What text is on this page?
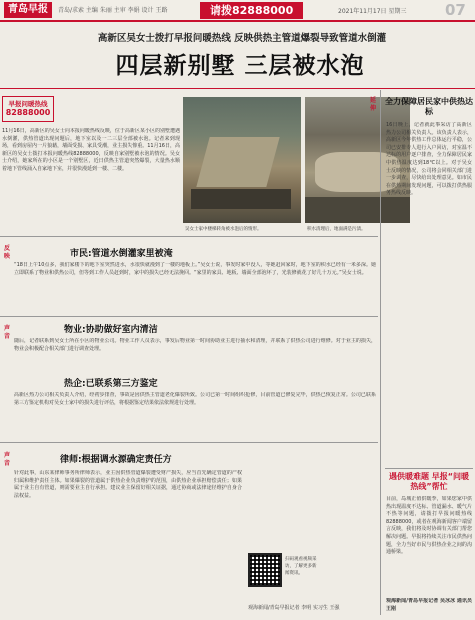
青岛早报	青岛/求索 主编 朱丽 主审 李娟 设计 王路	请拨82888000	2021年11月17日 星期三	07
高新区吴女士拨打早报问暖热线 反映供热主管道爆裂导致管道水倒灌
四层新别墅 三层被水泡
早报问暖热线
82888000
11月16日，高新区的吴女士向本报问暖热线反映，位于高新区某小区的别墅遭遇水倒灌，供热管道出现问题后，地下室以及一二三层全部被水泡。记者来到现场，看到房屋内一片狼藉，墙面受损、家具受潮，业主损失惨重。11月16日，高新区的吴女士拨打本报问暖热线82888000，反映自家别墅被水泡的情况。吴女士介绍，她家所在的小区是一个别墅区，近日供热主管道突然爆裂，大量热水顺着地下管线涌入自家地下室，并很快漫延到一楼、二楼。
吴女士家中楼梯转角被水泡后的情形。	积水清理后，地面满是污渍。
延伸
全力保障居民家中供热达标
16日晚上，记者就此事采访了高新区热力公司相关负责人。该负责人表示，高新区今年供热工作总体运行平稳，公司已安排专人进行入户回访，对室温不达标的用户逐户排查，全力保障居民家中供热温度达到18℃以上。对于吴女士反映的情况，公司将会同相关部门进一步调查，尽快给出处理意见。如市民在供热期间发现问题，可以拨打供热服务热线反映。
反映	市民:管道水倒灌家里被淹
“18日上午10点多，我们家楼下的地下室突然进水，水很快就漫到了一楼的地板上。”吴女士说，事发时家中没人，等她赶回家时，地下室的积水已经有一米多深。她立即联系了物业和供热公司，但等到工作人员赶到时，家中的损失已经无法挽回。“家里的家具、地板、墙面全部泡坏了，光装修就花了好几十万元。”吴女士说。
声音
物业:协助做好室内清洁
随后，记者联系到吴女士所在小区的物业公司。物业工作人员表示，事发后物业第一时间协助业主进行抽水和清理，并联系了供热公司进行维修。对于业主的损失，物业会积极配合相关部门进行调查处理。
热企:已联系第三方鉴定
高新区热力公司相关负责人介绍，经初步排查，事故是因供热主管道老化爆裂所致。公司已第一时间组织抢修，目前管道已修复完毕，供热已恢复正常。公司已联系第三方鉴定机构对吴女士家中的损失进行评估，将根据鉴定结果依法依规进行处理。
声音	律师:根据调水源确定责任方
针对此事，山东某律师事务所律师表示，业主因供热管道爆裂遭受财产损失，应当首先确定管道的产权归属和维护责任主体。如果爆裂的管道属于供热企业负责维护的范围，由供热企业承担赔偿责任；如果属于业主自有管道，则需要业主自行承担。建议业主保留好相关证据，通过协商或法律途径维护自身合法权益。
扫码观看视频采访，了解更多新闻资讯。
观海新闻/青岛早报记者 李明 实习生 王强
遇供暖难题 早报“问暖热线”帮忙
目前，岛城正值供暖季，如果您家中供热出现温度不达标、管道漏水、暖气片不热等问题，请拨打早报问暖热线82888000，或者在观海新闻客户端留言反映，我们将及时协调有关部门帮您解决问题。早报将持续关注市民供热问题，全力当好市民与供热企业之间的沟通桥梁。
观海新闻/青岛早报记者 吴冰冰 通讯员 王刚
